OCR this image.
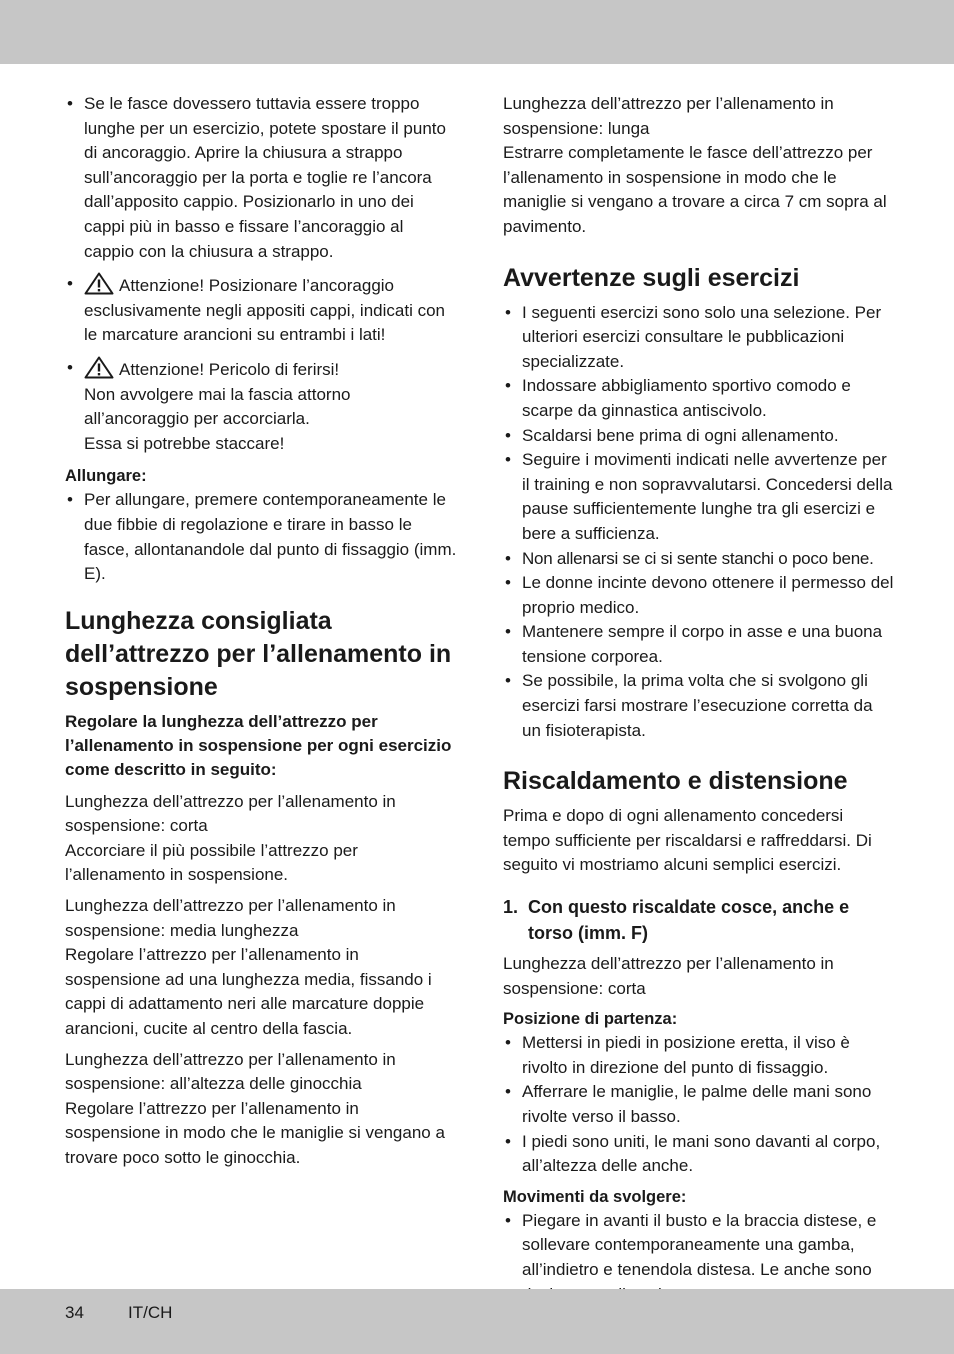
• Se le fasce dovessero tuttavia essere troppo lunghe per un esercizio, potete spostare il punto di ancoraggio. Aprire la chiusura a strappo sull’ancoraggio per la porta e toglie re l’ancora dall’apposito cappio. Posizionarlo in uno dei cappi più in basso e fissare l’ancoraggio al cappio con la chiusura a strappo.
• Attenzione! Posizionare l’ancoraggio esclusivamente negli appositi cappi, indicati con le marcature arancioni su entrambi i lati!
• Attenzione! Pericolo di ferirsi!
Non avvolgere mai la fascia attorno all’ancoraggio per accorciarla.
Essa si potrebbe staccare!
Allungare:
• Per allungare, premere contemporaneamente le due fibbie di regolazione e tirare in basso le fasce, allontanandole dal punto di fissaggio (imm. E).
Lunghezza consigliata dell’attrezzo per l’allenamento in sospensione

Regolare la lunghezza dell’attrezzo per l’allenamento in sospensione per ogni esercizio come descritto in seguito:

Lunghezza dell’attrezzo per l’allenamento in sospensione: corta
Accorciare il più possibile l’attrezzo per l’allenamento in sospensione.

Lunghezza dell’attrezzo per l’allenamento in sospensione: media lunghezza
Regolare l’attrezzo per l’allenamento in sospensione ad una lunghezza media, fissando i cappi di adattamento neri alle marcature doppie arancioni, cucite al centro della fascia.

Lunghezza dell’attrezzo per l’allenamento in sospensione: all’altezza delle ginocchia
Regolare l’attrezzo per l’allenamento in sospensione in modo che le maniglie si vengano a trovare poco sotto le ginocchia.

Lunghezza dell’attrezzo per l’allenamento in sospensione: lunga
Estrarre completamente le fasce dell’attrezzo per l’allenamento in sospensione in modo che le maniglie si vengano a trovare a circa 7 cm sopra al pavimento.

Avvertenze sugli esercizi
• I seguenti esercizi sono solo una selezione. Per ulteriori esercizi consultare le pubblicazioni specializzate.
• Indossare abbigliamento sportivo comodo e scarpe da ginnastica antiscivolo.
• Scaldarsi bene prima di ogni allenamento.
• Seguire i movimenti indicati nelle avvertenze per il training e non sopravvalutarsi. Concedersi della pause sufficientemente lunghe tra gli esercizi e bere a sufficienza.
• Non allenarsi se ci si sente stanchi o poco bene.
• Le donne incinte devono ottenere il permesso del proprio medico.
• Mantenere sempre il corpo in asse e una buona tensione corporea.
• Se possibile, la prima volta che si svolgono gli esercizi farsi mostrare l’esecuzione corretta da un fisioterapista.
Riscaldamento e distensione

Prima e dopo di ogni allenamento concedersi tempo sufficiente per riscaldarsi e raffreddarsi. Di seguito vi mostriamo alcuni semplici esercizi.

1. Con questo riscaldate cosce, anche e torso (imm. F)

Lunghezza dell’attrezzo per l’allenamento in sospensione: corta

Posizione di partenza:
• Mettersi in piedi in posizione eretta, il viso è rivolto in direzione del punto di fissaggio.
• Afferrare le maniglie, le palme delle mani sono rivolte verso il basso.
• I piedi sono uniti, le mani sono davanti al corpo, all’altezza delle anche.
Movimenti da svolgere:
• Piegare in avanti il busto e la braccia distese, e sollevare contemporaneamente una gamba, all’indietro e tenendola distesa. Le anche sono
34	IT/CH
